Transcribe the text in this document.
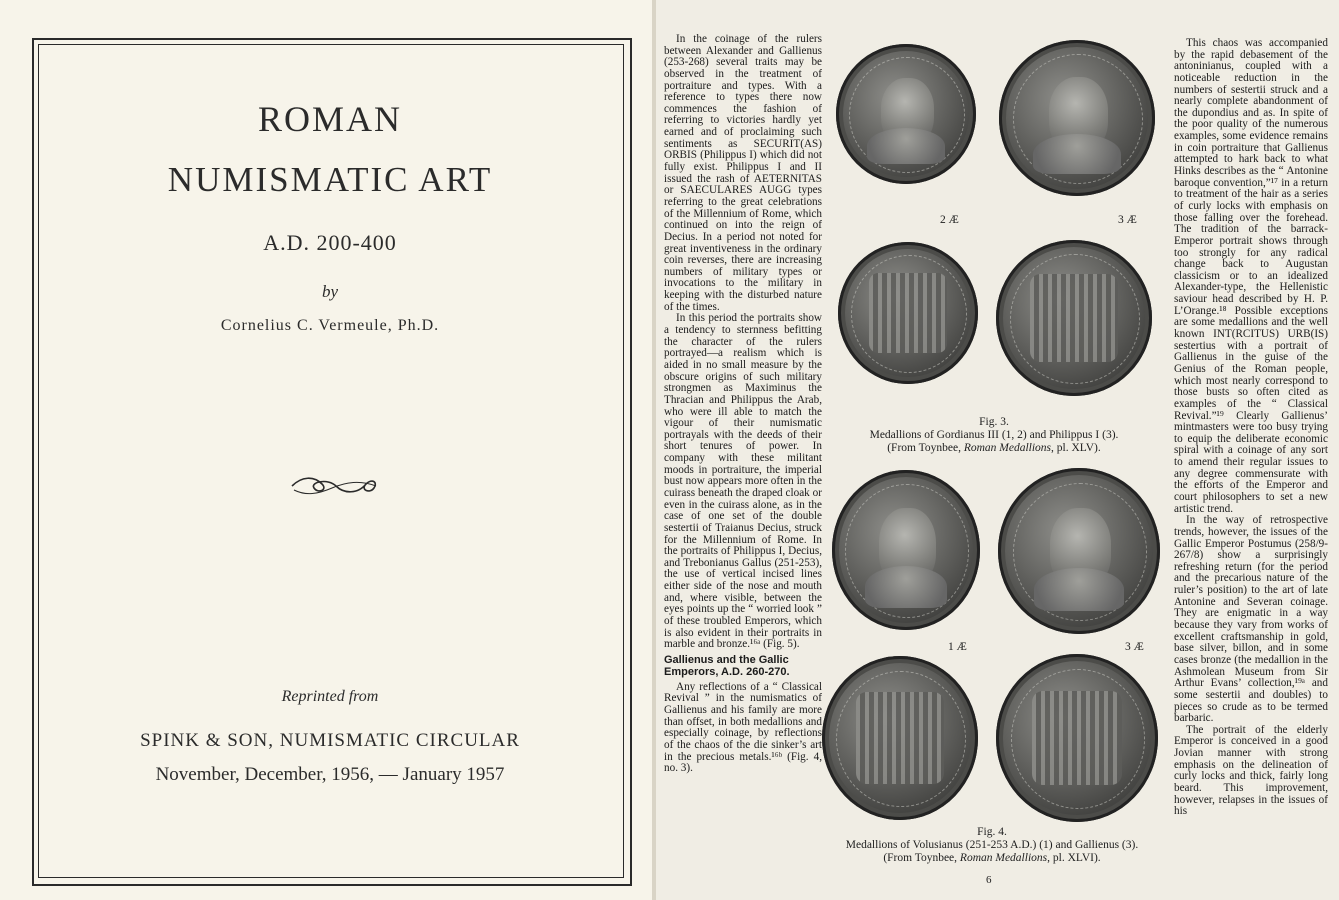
ROMAN
NUMISMATIC ART
A.D. 200-400
by
Cornelius C. Vermeule, Ph.D.
Reprinted from
SPINK & SON, NUMISMATIC CIRCULAR
November, December, 1956, — January 1957

In the coinage of the rulers between Alexander and Gallienus (253-268) several traits may be observed in the treatment of portraiture and types. With a reference to types there now commences the fashion of referring to victories hardly yet earned and of proclaiming such sentiments as SECURIT(AS) ORBIS (Philippus I) which did not fully exist. Philippus I and II issued the rash of AETERNITAS or SAECULARES AUGG types referring to the great celebrations of the Millennium of Rome, which continued on into the reign of Decius. In a period not noted for great inventiveness in the ordinary coin reverses, there are increasing numbers of military types or invocations to the military in keeping with the disturbed nature of the times.

In this period the portraits show a tendency to sternness befitting the character of the rulers portrayed—a realism which is aided in no small measure by the obscure origins of such military strongmen as Maximinus the Thracian and Philippus the Arab, who were ill able to match the vigour of their numismatic portrayals with the deeds of their short tenures of power. In company with these militant moods in portraiture, the imperial bust now appears more often in the cuirass beneath the draped cloak or even in the cuirass alone, as in the case of one set of the double sestertii of Traianus Decius, struck for the Millennium of Rome. In the portraits of Philippus I, Decius, and Trebonianus Gallus (251-253), the use of vertical incised lines either side of the nose and mouth and, where visible, between the eyes points up the “ worried look ” of these troubled Emperors, which is also evident in their portraits in marble and bronze.¹⁶ᵃ (Fig. 5).

Gallienus and the Gallic Emperors, A.D. 260-270.

Any reflections of a “ Classical Revival ” in the numismatics of Gallienus and his family are more than offset, in both medallions and especially coinage, by reflections of the chaos of the die sinker’s art in the precious metals.¹⁶ᵇ (Fig. 4, no. 3).

2 Æ	3 Æ
Fig. 3.
Medallions of Gordianus III (1, 2) and Philippus I (3).
(From Toynbee, Roman Medallions, pl. XLV).
1 Æ	3 Æ
Fig. 4.
Medallions of Volusianus (251-253 A.D.) (1) and Gallienus (3).
(From Toynbee, Roman Medallions, pl. XLVI).

This chaos was accompanied by the rapid debasement of the antoninianus, coupled with a noticeable reduction in the numbers of sestertii struck and a nearly complete abandonment of the dupondius and as. In spite of the poor quality of the numerous examples, some evidence remains in coin portraiture that Gallienus attempted to hark back to what Hinks describes as the “ Antonine baroque convention,”¹⁷ in a return to treatment of the hair as a series of curly locks with emphasis on those falling over the forehead. The tradition of the barrack-Emperor portrait shows through too strongly for any radical change back to Augustan classicism or to an idealized Alexander-type, the Hellenistic saviour head described by H. P. L’Orange.¹⁸ Possible exceptions are some medallions and the well known INT(RCITUS) URB(IS) sestertius with a portrait of Gallienus in the guise of the Genius of the Roman people, which most nearly correspond to those busts so often cited as examples of the “ Classical Revival.”¹⁹ Clearly Gallienus’ mintmasters were too busy trying to equip the deliberate economic spiral with a coinage of any sort to amend their regular issues to any degree commensurate with the efforts of the Emperor and court philosophers to set a new artistic trend.

In the way of retrospective trends, however, the issues of the Gallic Emperor Postumus (258/9-267/8) show a surprisingly refreshing return (for the period and the precarious nature of the ruler’s position) to the art of late Antonine and Severan coinage. They are enigmatic in a way because they vary from works of excellent craftsmanship in gold, base silver, billon, and in some cases bronze (the medallion in the Ashmolean Museum from Sir Arthur Evans’ collection,¹⁹ᵃ and some sestertii and doubles) to pieces so crude as to be termed barbaric.

The portrait of the elderly Emperor is conceived in a good Jovian manner with strong emphasis on the delineation of curly locks and thick, fairly long beard. This improvement, however, relapses in the issues of his

6
